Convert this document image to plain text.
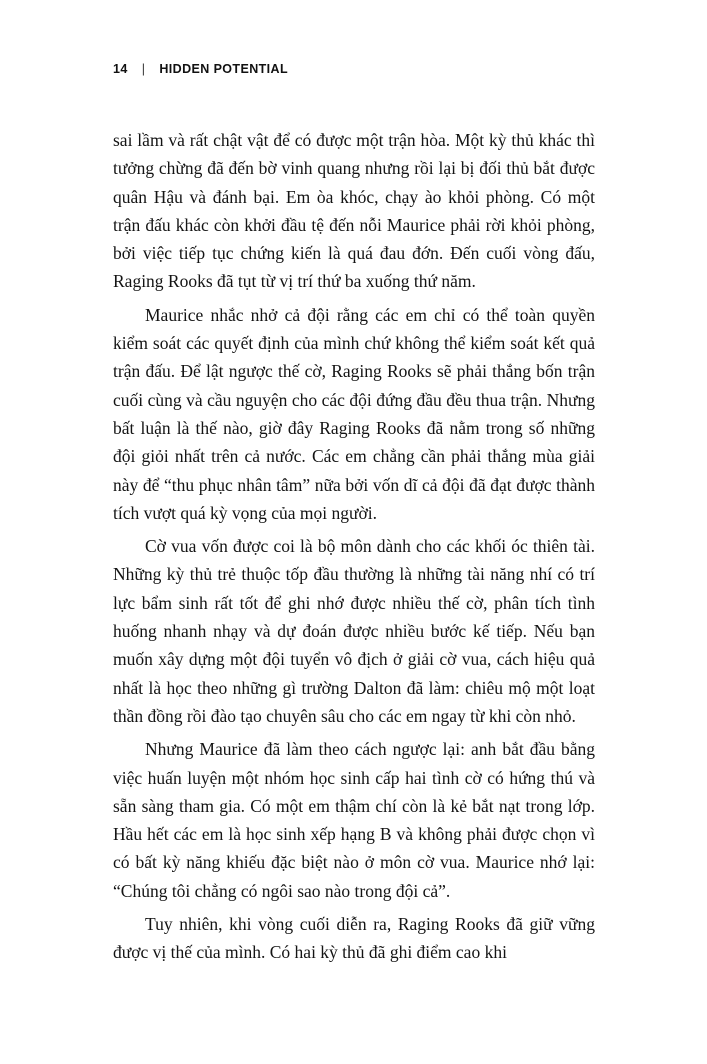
14 | HIDDEN POTENTIAL

sai lầm và rất chật vật để có được một trận hòa. Một kỳ thủ khác thì tưởng chừng đã đến bờ vinh quang nhưng rồi lại bị đối thủ bắt được quân Hậu và đánh bại. Em òa khóc, chạy ào khỏi phòng. Có một trận đấu khác còn khởi đầu tệ đến nỗi Maurice phải rời khỏi phòng, bởi việc tiếp tục chứng kiến là quá đau đớn. Đến cuối vòng đấu, Raging Rooks đã tụt từ vị trí thứ ba xuống thứ năm.

Maurice nhắc nhở cả đội rằng các em chỉ có thể toàn quyền kiểm soát các quyết định của mình chứ không thể kiểm soát kết quả trận đấu. Để lật ngược thế cờ, Raging Rooks sẽ phải thắng bốn trận cuối cùng và cầu nguyện cho các đội đứng đầu đều thua trận. Nhưng bất luận là thế nào, giờ đây Raging Rooks đã nằm trong số những đội giỏi nhất trên cả nước. Các em chẳng cần phải thắng mùa giải này để “thu phục nhân tâm” nữa bởi vốn dĩ cả đội đã đạt được thành tích vượt quá kỳ vọng của mọi người.

Cờ vua vốn được coi là bộ môn dành cho các khối óc thiên tài. Những kỳ thủ trẻ thuộc tốp đầu thường là những tài năng nhí có trí lực bẩm sinh rất tốt để ghi nhớ được nhiều thế cờ, phân tích tình huống nhanh nhạy và dự đoán được nhiều bước kế tiếp. Nếu bạn muốn xây dựng một đội tuyển vô địch ở giải cờ vua, cách hiệu quả nhất là học theo những gì trường Dalton đã làm: chiêu mộ một loạt thần đồng rồi đào tạo chuyên sâu cho các em ngay từ khi còn nhỏ.

Nhưng Maurice đã làm theo cách ngược lại: anh bắt đầu bằng việc huấn luyện một nhóm học sinh cấp hai tình cờ có hứng thú và sẵn sàng tham gia. Có một em thậm chí còn là kẻ bắt nạt trong lớp. Hầu hết các em là học sinh xếp hạng B và không phải được chọn vì có bất kỳ năng khiếu đặc biệt nào ở môn cờ vua. Maurice nhớ lại: “Chúng tôi chẳng có ngôi sao nào trong đội cả”.

Tuy nhiên, khi vòng cuối diễn ra, Raging Rooks đã giữ vững được vị thế của mình. Có hai kỳ thủ đã ghi điểm cao khi
